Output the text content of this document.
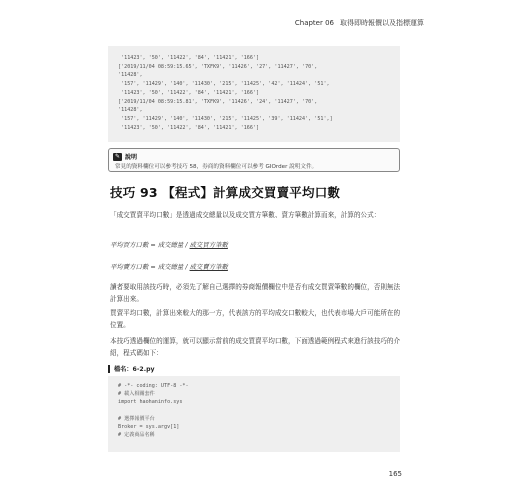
Chapter 06 取得即時報價以及指標運算
'11423', '50', '11422', '84', '11421', '166']
['2019/11/04 08:59:15.65', 'TXFK9', '11426', '27', '11427', '70',
'11428',
'157', '11429', '140', '11430', '215', '11425', '42', '11424', '51',
'11423', '50', '11422', '84', '11421', '166']
['2019/11/04 08:59:15.81', 'TXFK9', '11426', '24', '11427', '70',
'11428',
'157', '11429', '140', '11430', '215', '11425', '39', '11424', '51',]
'11423', '50', '11422', '84', '11421', '166']
✎ 說明
常見的資料欄位可以參考技巧 58，券商的資料欄位可以參考 GIOrder 說明文件。
技巧 93 【程式】計算成交買賣平均口數
「成交買賣平均口數」是透過成交總量以及成交買方筆數、賣方筆數計算而來，計算的公式：
平均買方口數 = 成交總量 / 成交買方筆數
平均賣方口數 = 成交總量 / 成交賣方筆數
讀者要取用該技巧時，必須先了解自己選擇的券商報價欄位中是否有成交買賣筆數的欄位，否則無法計算出來。
買賣平均口數，計算出來較大的那一方，代表該方的平均成交口數較大，也代表市場大戶可能所在的位置。
本技巧透過欄位的運算，就可以顯示當前的成交買賣平均口數，下面透過範例程式來進行該技巧的介紹，程式碼如下：
檔名：6-2.py
# -*- coding: UTF-8 -*-
# 載入相關套件
import haohaninfo.sys

# 選擇報價平台
Broker = sys.argv[1]
# 定義商品名稱
165
